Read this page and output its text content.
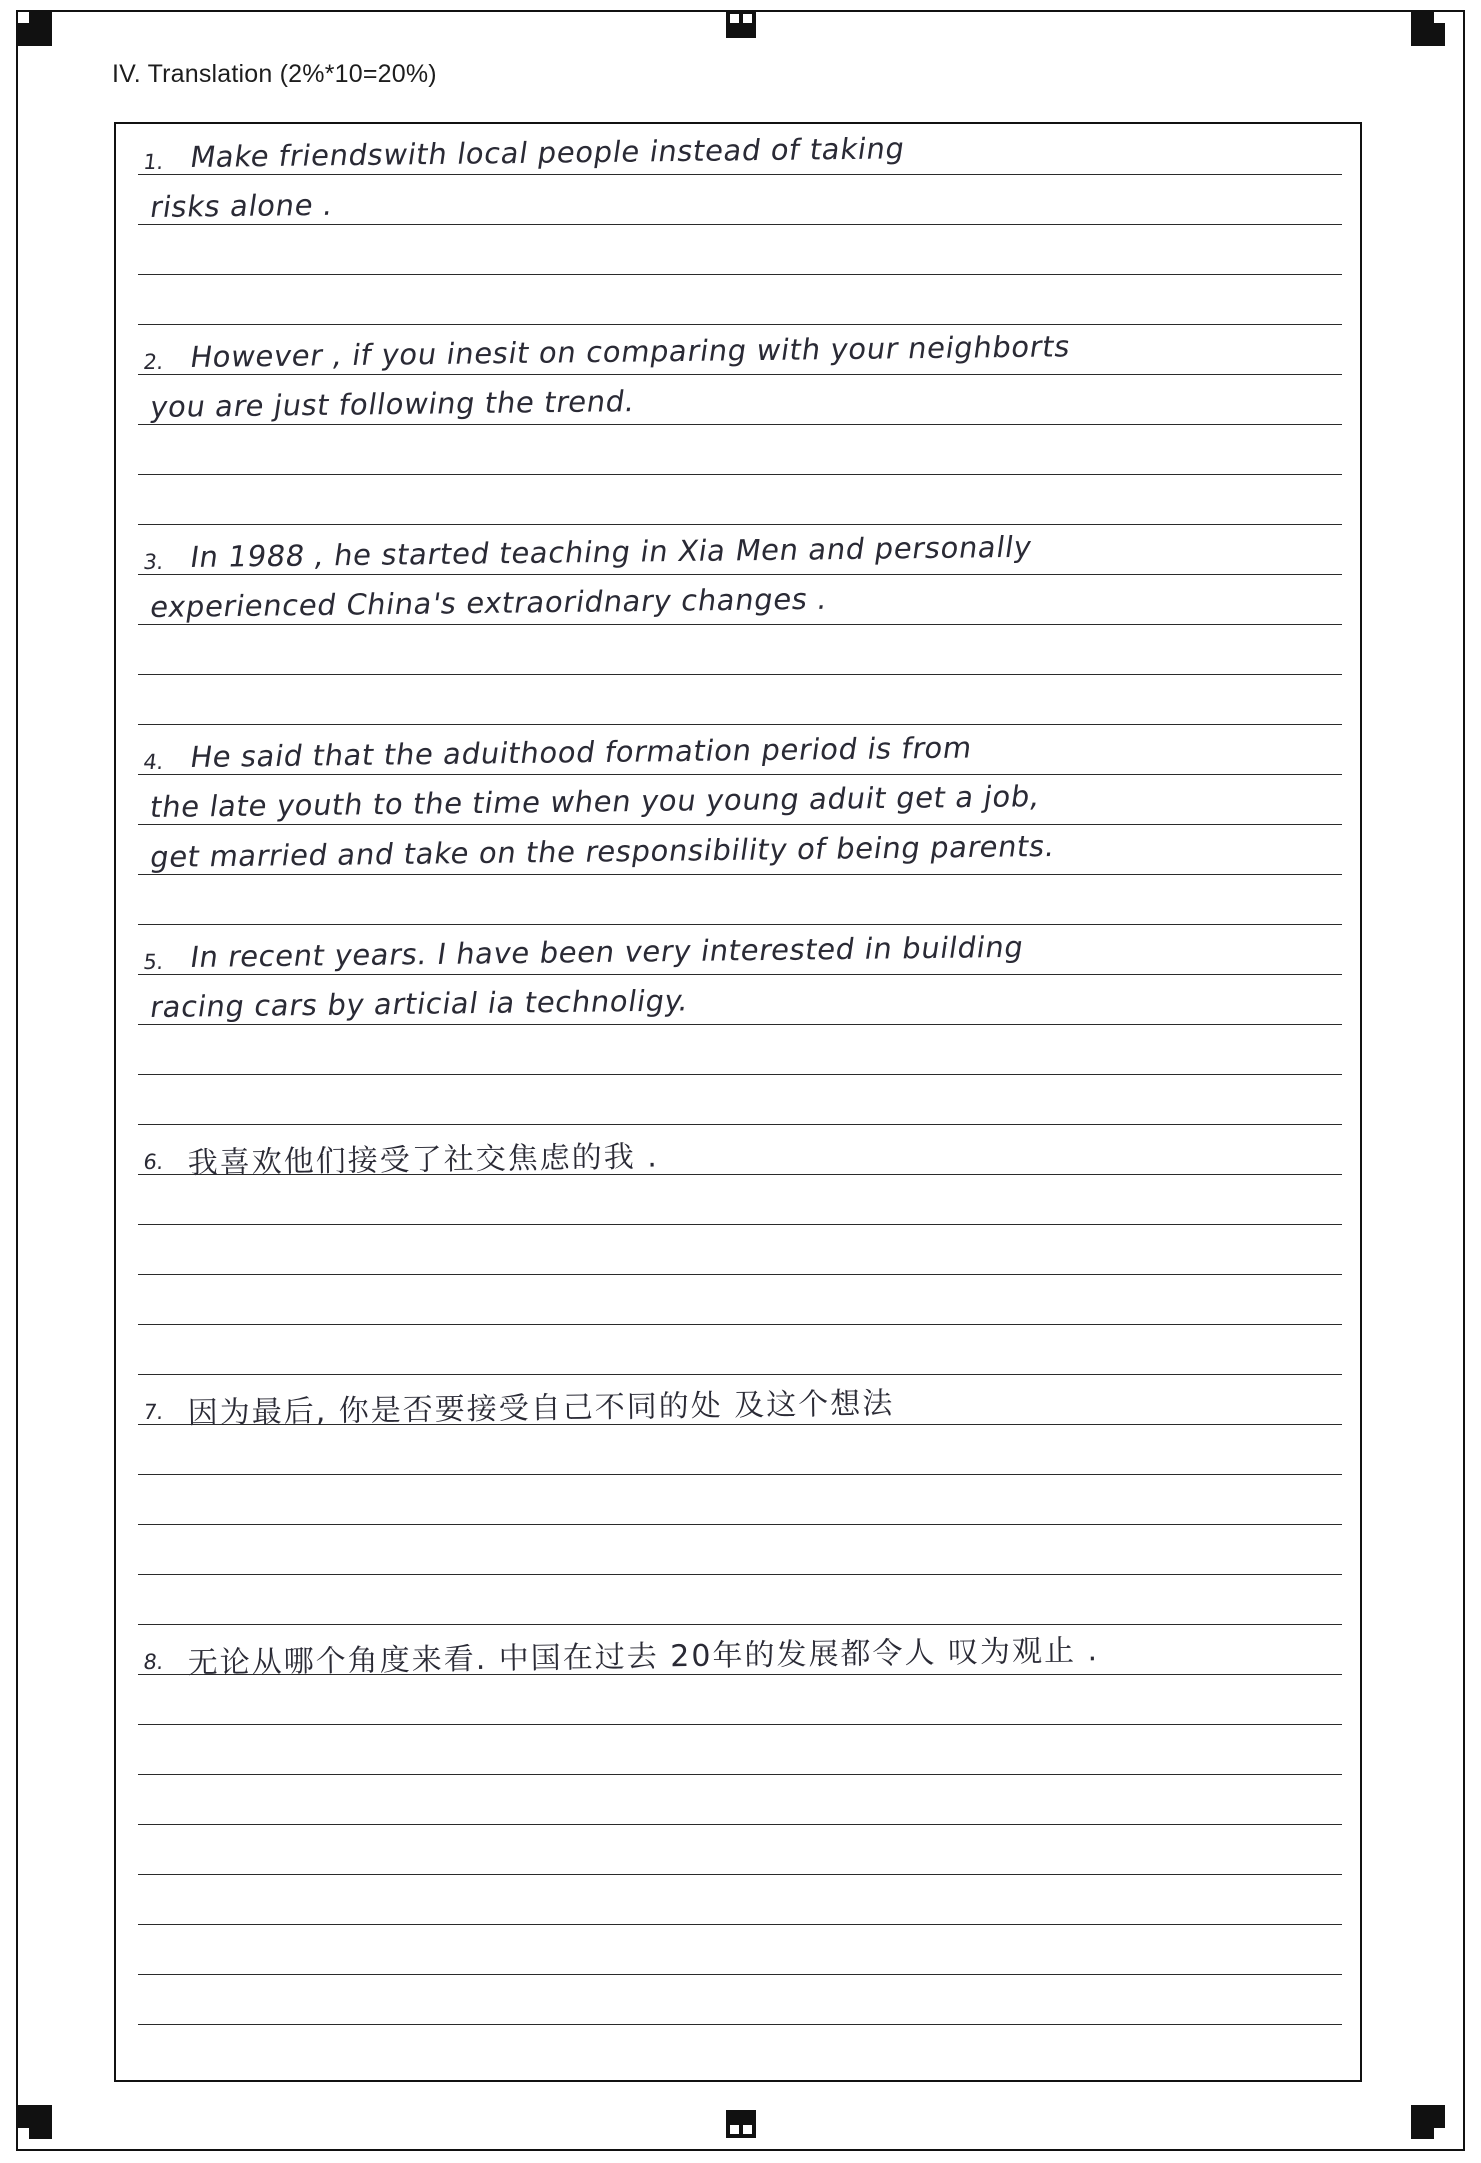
IV. Translation (2%*10=20%)
1. Make friendswith local people instead of taking
risks alone .
2. However , if you inesit on comparing with your neighborts
you are just following the trend.
3. In 1988 , he started teaching in Xia Men and personally
experienced China's extraoridnary changes .
4. He said that the aduithood formation period is from
the late youth to the time when you young aduit get a job,
get married and take on the responsibility of being parents.
5. In recent years. I have been very interested in building
racing cars by articial ia technoligy.
6. 我喜欢他们接受了社交焦虑的我 .
7. 因为最后, 你是否要接受自己不同的处 及这个想法
8. 无论从哪个角度来看. 中国在过去 20年的发展都令人 叹为观止 .
